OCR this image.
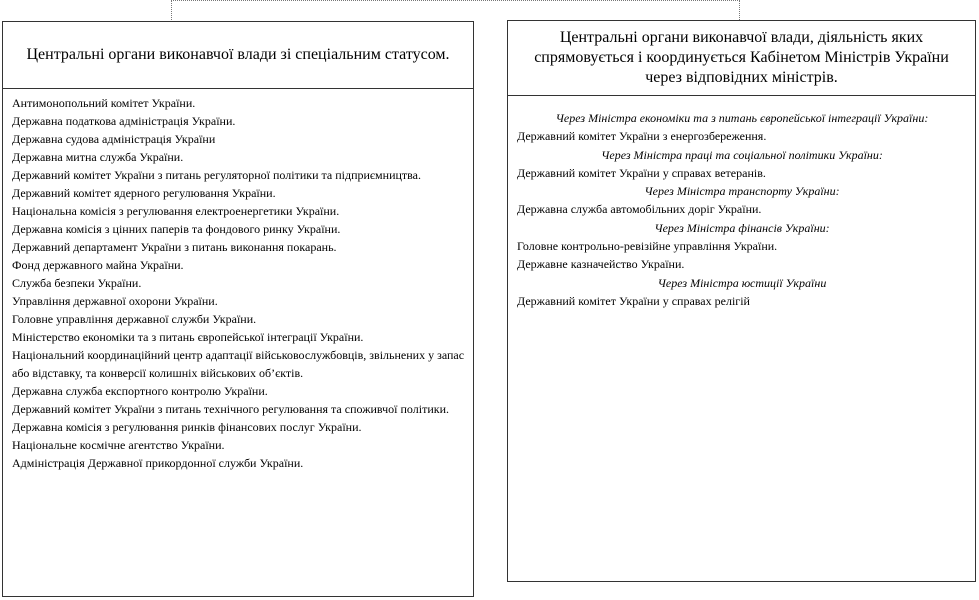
Центральні органи виконавчої влади зі спеціальним статусом.
Антимонопольний комітет України.
Державна податкова адміністрація України.
Державна судова адміністрація України
Державна митна служба України.
Державний комітет України з питань регуляторної політики та підприємництва.
Державний комітет ядерного регулювання України.
Національна комісія з регулювання електроенергетики України.
Державна комісія з цінних паперів та фондового ринку України.
Державний департамент України з питань виконання покарань.
Фонд державного майна України.
Служба безпеки України.
Управління державної охорони України.
Головне управління державної служби України.
Міністерство економіки та з питань європейської інтеграції України.
Національний координаційний центр адаптації військовослужбовців, звільнених у запас або відставку, та конверсії колишніх військових об’єктів.
Державна служба експортного контролю України.
Державний комітет України з питань технічного регулювання та споживчої політики.
Державна комісія з регулювання ринків фінансових послуг України.
Національне космічне агентство України.
Адміністрація Державної прикордонної служби України.
Центральні органи виконавчої влади, діяльність яких спрямовується і координується Кабінетом Міністрів України через відповідних міністрів.
Через Міністра економіки та з питань європейської інтеграції України:
Державний комітет України з енергозбереження.
Через Міністра праці та соціальної політики України:
Державний комітет України у справах ветеранів.
Через Міністра транспорту України:
Державна служба автомобільних доріг України.
Через Міністра фінансів України:
Головне контрольно-ревізійне управління України.
Державне казначейство України.
Через Міністра юстиції України
Державний комітет України у справах релігій
